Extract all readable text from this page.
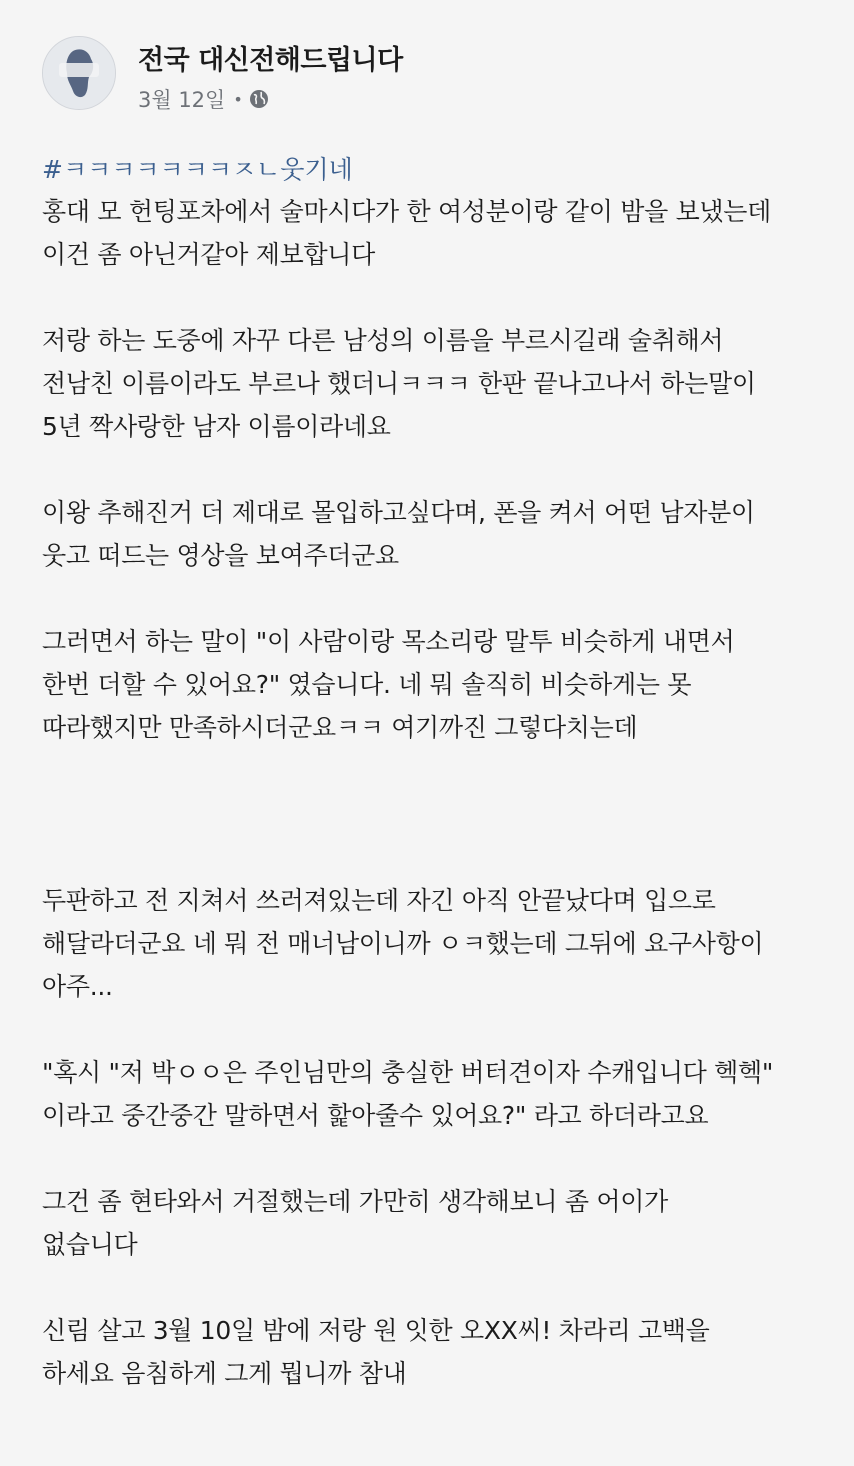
전국 대신전해드립니다
3월 12일 •
#ㅋㅋㅋㅋㅋㅋㅋㅈㄴ웃기네
홍대 모 헌팅포차에서 술마시다가 한 여성분이랑 같이 밤을 보냈는데
이건 좀 아닌거같아 제보합니다
저랑 하는 도중에 자꾸 다른 남성의 이름을 부르시길래 술취해서
전남친 이름이라도 부르나 했더니ㅋㅋㅋ 한판 끝나고나서 하는말이
5년 짝사랑한 남자 이름이라네요
이왕 추해진거 더 제대로 몰입하고싶다며, 폰을 켜서 어떤 남자분이
웃고 떠드는 영상을 보여주더군요
그러면서 하는 말이 "이 사람이랑 목소리랑 말투 비슷하게 내면서
한번 더할 수 있어요?" 였습니다. 네 뭐 솔직히 비슷하게는 못
따라했지만 만족하시더군요ㅋㅋ 여기까진 그렇다치는데
두판하고 전 지쳐서 쓰러져있는데 자긴 아직 안끝났다며 입으로
해달라더군요 네 뭐 전 매너남이니까 ㅇㅋ했는데 그뒤에 요구사항이
아주...
"혹시 "저 박ㅇㅇ은 주인님만의 충실한 버터견이자 수캐입니다 헥헥"
이라고 중간중간 말하면서 핥아줄수 있어요?" 라고 하더라고요
그건 좀 현타와서 거절했는데 가만히 생각해보니 좀 어이가
없습니다
신림 살고 3월 10일 밤에 저랑 원 잇한 오XX씨! 차라리 고백을
하세요 음침하게 그게 뭡니까 참내
